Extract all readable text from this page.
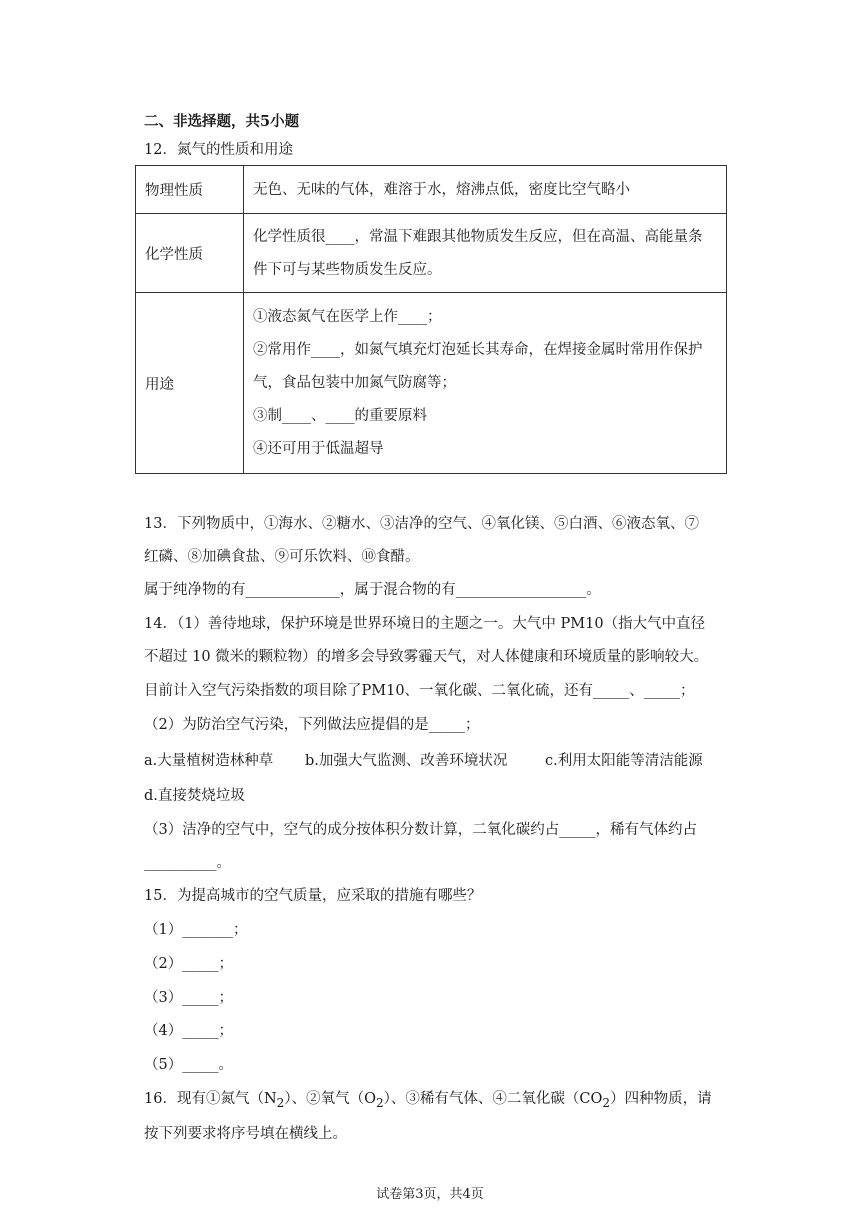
二、非选择题，共5小题
12．氮气的性质和用途
物理性质	无色、无味的气体，难溶于水，熔沸点低，密度比空气略小

化学性质	化学性质很____，常温下难跟其他物质发生反应，但在高温、高能量条
件下可与某些物质发生反应。

用途	①液态氮气在医学上作____；
②常用作____，如氮气填充灯泡延长其寿命，在焊接金属时常用作保护
气，食品包装中加氮气防腐等；
③制____、____的重要原料
④还可用于低温超导
13．下列物质中，①海水、②糖水、③洁净的空气、④氧化镁、⑤白酒、⑥液态氧、⑦
红磷、⑧加碘食盐、⑨可乐饮料、⑩食醋。
属于纯净物的有_____________，属于混合物的有__________________。
14．（1）善待地球，保护环境是世界环境日的主题之一。大气中 PM10（指大气中直径
不超过 10 微米的颗粒物）的增多会导致雾霾天气，对人体健康和环境质量的影响较大。
目前计入空气污染指数的项目除了PM10、一氧化碳、二氧化硫，还有_____、_____；
（2）为防治空气污染，下列做法应提倡的是_____；
a.大量植树造林种草 b.加强大气监测、改善环境状况	c.利用太阳能等清洁能源
d.直接焚烧垃圾
（3）洁净的空气中，空气的成分按体积分数计算，二氧化碳约占_____，稀有气体约占
__________。
15．为提高城市的空气质量，应采取的措施有哪些？
（1）_______；
（2）_____；
（3）_____；
（4）_____；
（5）_____。
16．现有①氮气$(N_2)$、②氧气$(O_2)$、③稀有气体、④二氧化碳$(CO_2)$四种物质，请
按下列要求将序号填在横线上。
试卷第3页，共4页
